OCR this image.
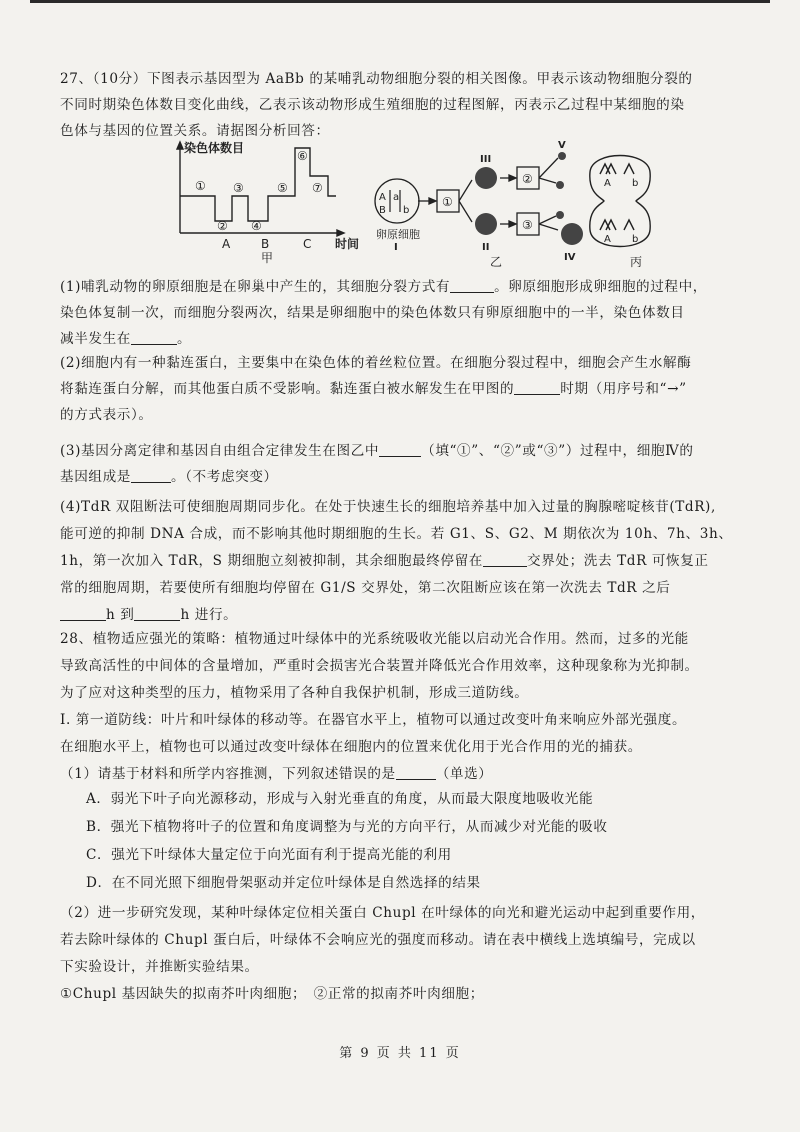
27、（10分）下图表示基因型为 AaBb 的某哺乳动物细胞分裂的相关图像。甲表示该动物细胞分裂的
不同时期染色体数目变化曲线，乙表示该动物形成生殖细胞的过程图解，丙表示乙过程中某细胞的染
色体与基因的位置关系。请据图分析回答：
染色体数目
①
②
③
④
⑤
⑥
⑦
A	B	C 时间
甲
A a
B b
①
②
③
III
II
V
IV
卵原细胞
I
乙
A b
A b
丙
(1)哺乳动物的卵原细胞是在卵巢中产生的，其细胞分裂方式有	。卵原细胞形成卵细胞的过程中，
染色体复制一次，而细胞分裂两次，结果是卵细胞中的染色体数只有卵原细胞中的一半，染色体数目
减半发生在	。
(2)细胞内有一种黏连蛋白，主要集中在染色体的着丝粒位置。在细胞分裂过程中，细胞会产生水解酶
将黏连蛋白分解，而其他蛋白质不受影响。黏连蛋白被水解发生在甲图的	时期（用序号和“→”
的方式表示）。
(3)基因分离定律和基因自由组合定律发生在图乙中	（填“①”、“②”或“③”）过程中，细胞Ⅳ的
基因组成是	。（不考虑突变）
(4)TdR 双阻断法可使细胞周期同步化。在处于快速生长的细胞培养基中加入过量的胸腺嘧啶核苷(TdR),
能可逆的抑制 DNA 合成，而不影响其他时期细胞的生长。若 G1、S、G2、M 期依次为 10h、7h、3h、
1h，第一次加入 TdR，S 期细胞立刻被抑制，其余细胞最终停留在	交界处；洗去 TdR 可恢复正
常的细胞周期，若要使所有细胞均停留在 G1/S 交界处，第二次阻断应该在第一次洗去 TdR 之后
h 到	h 进行。
28、植物适应强光的策略：植物通过叶绿体中的光系统吸收光能以启动光合作用。然而，过多的光能
导致高活性的中间体的含量增加，严重时会损害光合装置并降低光合作用效率，这种现象称为光抑制。
为了应对这种类型的压力，植物采用了各种自我保护机制，形成三道防线。
I. 第一道防线：叶片和叶绿体的移动等。在器官水平上，植物可以通过改变叶角来响应外部光强度。
在细胞水平上，植物也可以通过改变叶绿体在细胞内的位置来优化用于光合作用的光的捕获。
（1）请基于材料和所学内容推测，下列叙述错误的是	（单选）
A．弱光下叶子向光源移动，形成与入射光垂直的角度，从而最大限度地吸收光能
B．强光下植物将叶子的位置和角度调整为与光的方向平行，从而减少对光能的吸收
C．强光下叶绿体大量定位于向光面有利于提高光能的利用
D．在不同光照下细胞骨架驱动并定位叶绿体是自然选择的结果
（2）进一步研究发现，某种叶绿体定位相关蛋白 Chupl 在叶绿体的向光和避光运动中起到重要作用，
若去除叶绿体的 Chupl 蛋白后，叶绿体不会响应光的强度而移动。请在表中横线上选填编号，完成以
下实验设计，并推断实验结果。
①Chupl 基因缺失的拟南芥叶肉细胞；　②正常的拟南芥叶肉细胞；
第 9 页 共 11 页
